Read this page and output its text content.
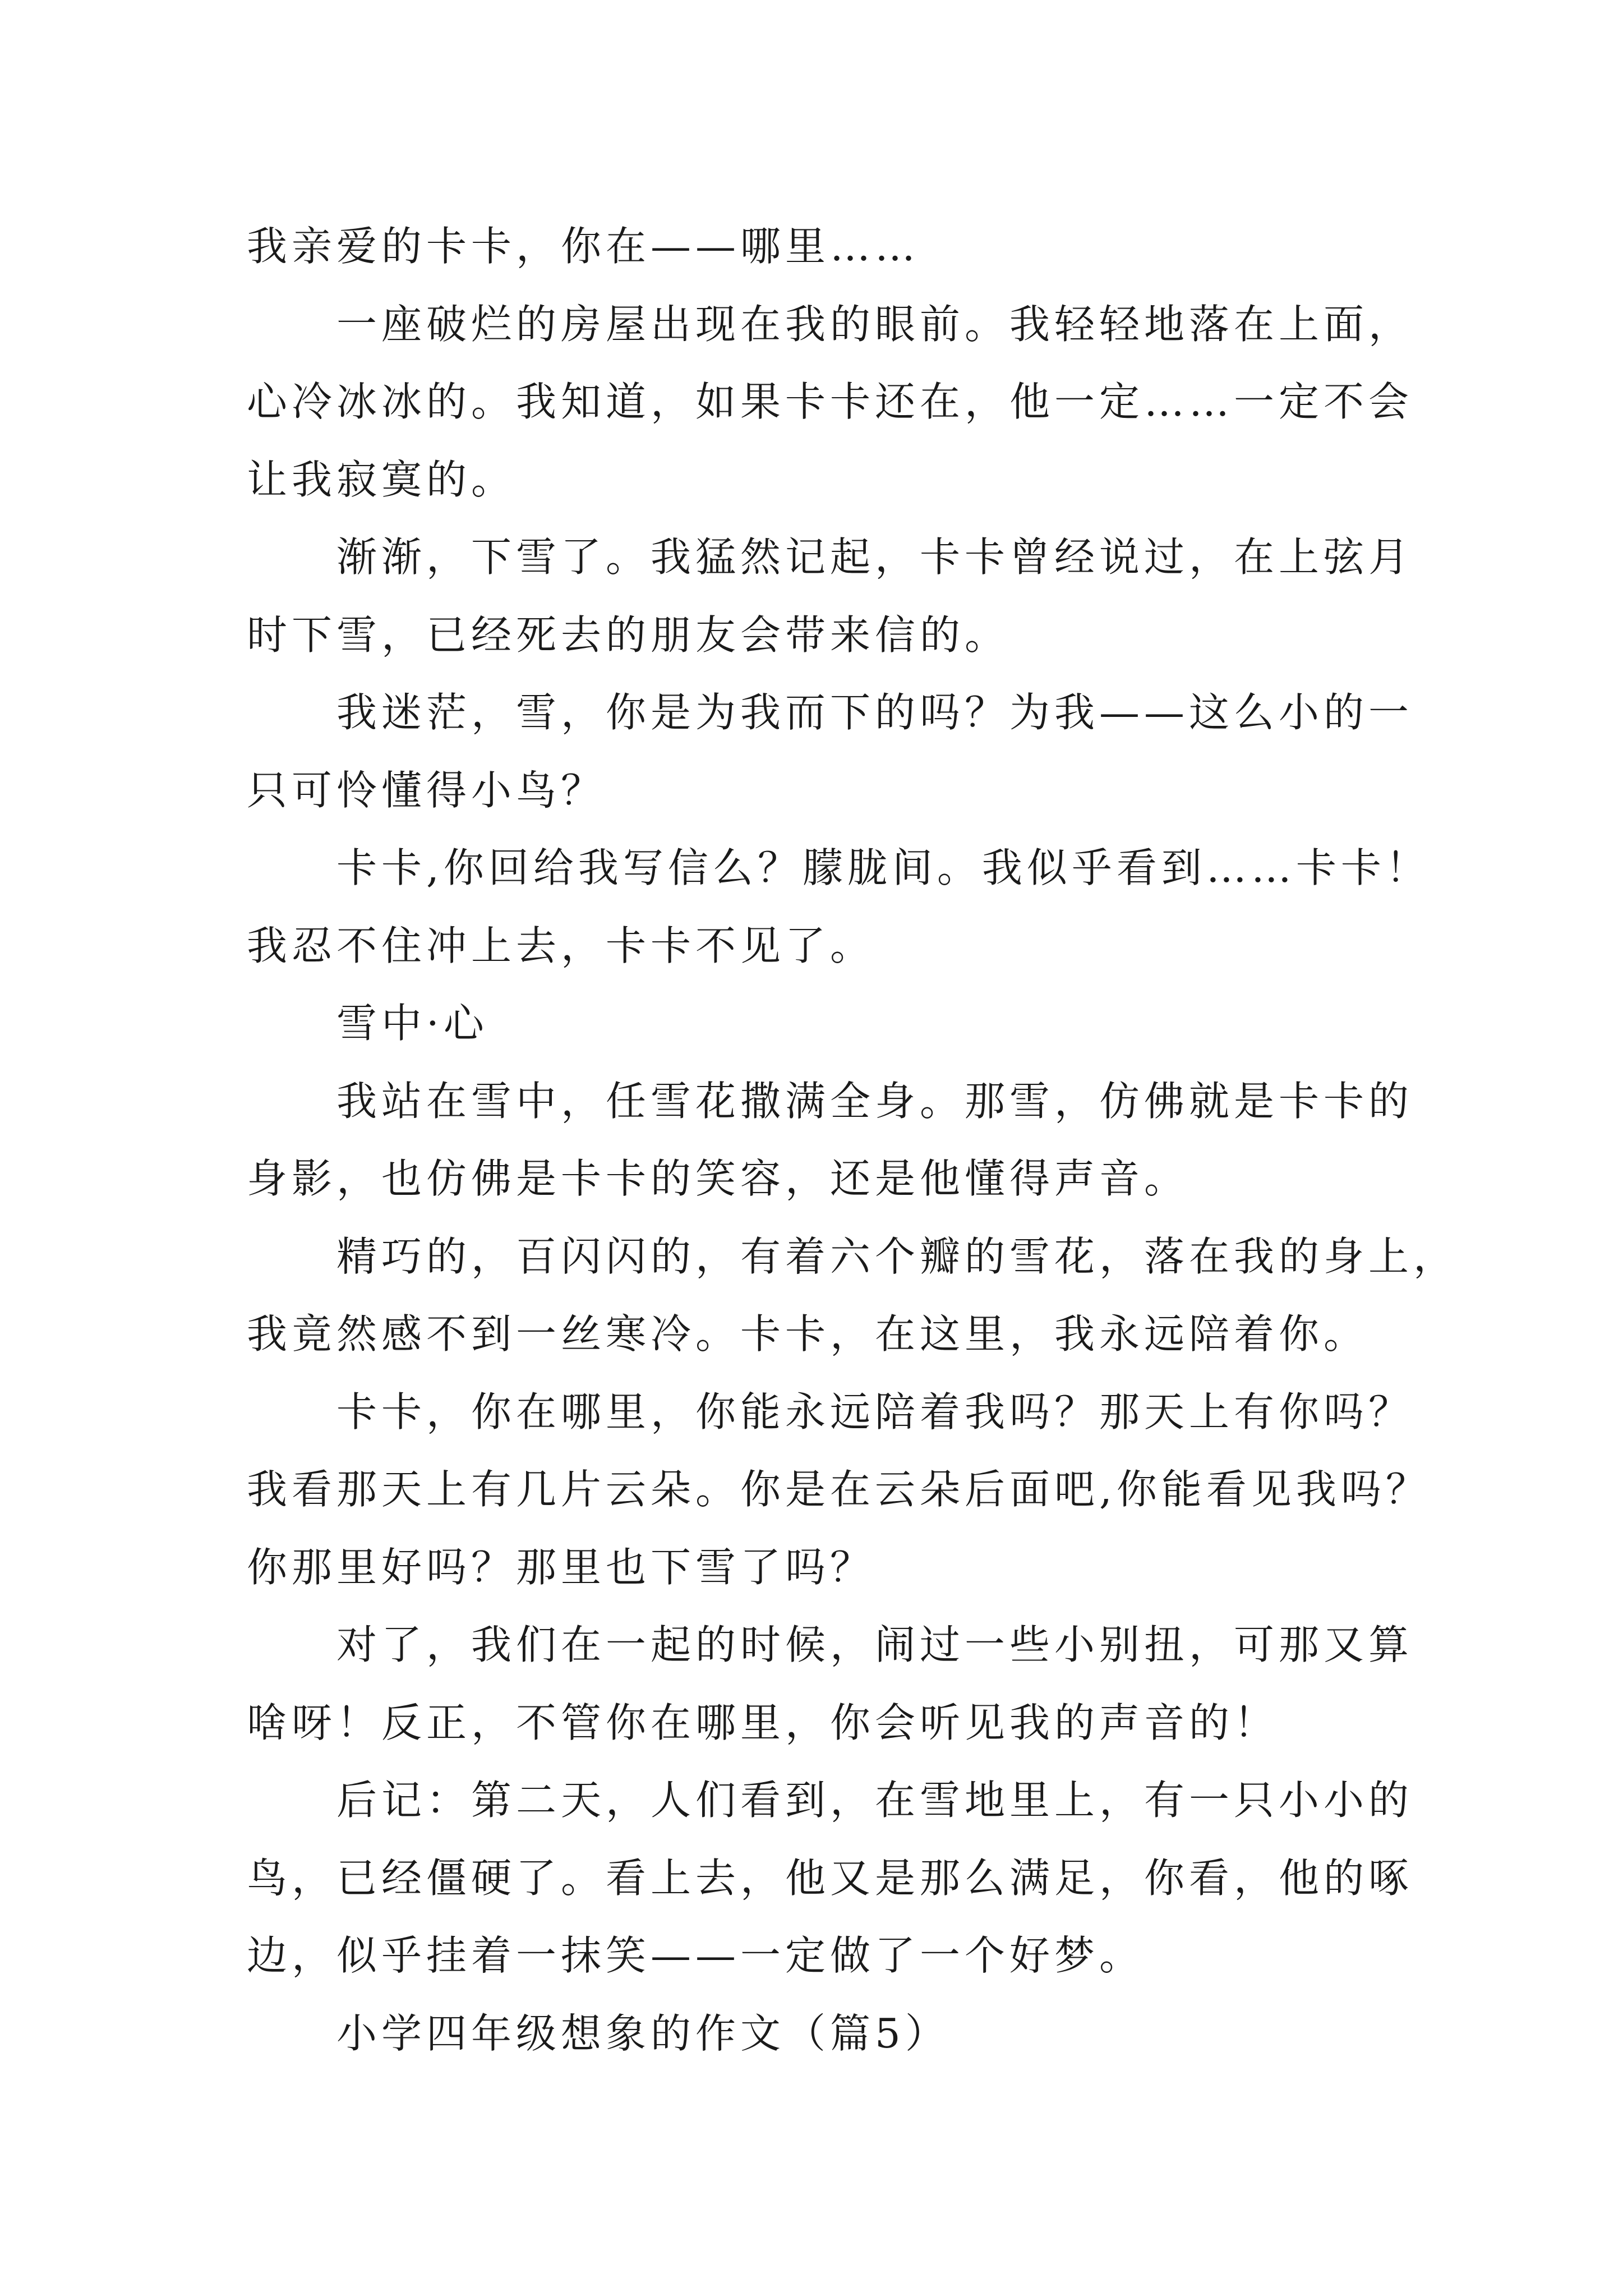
我亲爱的卡卡，你在——哪里……
一座破烂的房屋出现在我的眼前。我轻轻地落在上面，
心冷冰冰的。我知道，如果卡卡还在，他一定……一定不会
让我寂寞的。
渐渐，下雪了。我猛然记起，卡卡曾经说过，在上弦月
时下雪，已经死去的朋友会带来信的。
我迷茫，雪，你是为我而下的吗？为我——这么小的一
只可怜懂得小鸟？
卡卡,你回给我写信么？朦胧间。我似乎看到……卡卡！
我忍不住冲上去，卡卡不见了。
雪中·心
我站在雪中，任雪花撒满全身。那雪，仿佛就是卡卡的
身影，也仿佛是卡卡的笑容，还是他懂得声音。
精巧的，百闪闪的，有着六个瓣的雪花，落在我的身上，
我竟然感不到一丝寒冷。卡卡，在这里，我永远陪着你。
卡卡，你在哪里，你能永远陪着我吗？那天上有你吗？
我看那天上有几片云朵。你是在云朵后面吧,你能看见我吗？
你那里好吗？那里也下雪了吗？
对了，我们在一起的时候，闹过一些小别扭，可那又算
啥呀！反正，不管你在哪里，你会听见我的声音的！
后记：第二天，人们看到，在雪地里上，有一只小小的
鸟，已经僵硬了。看上去，他又是那么满足，你看，他的啄
边，似乎挂着一抹笑——一定做了一个好梦。
小学四年级想象的作文（篇5）
